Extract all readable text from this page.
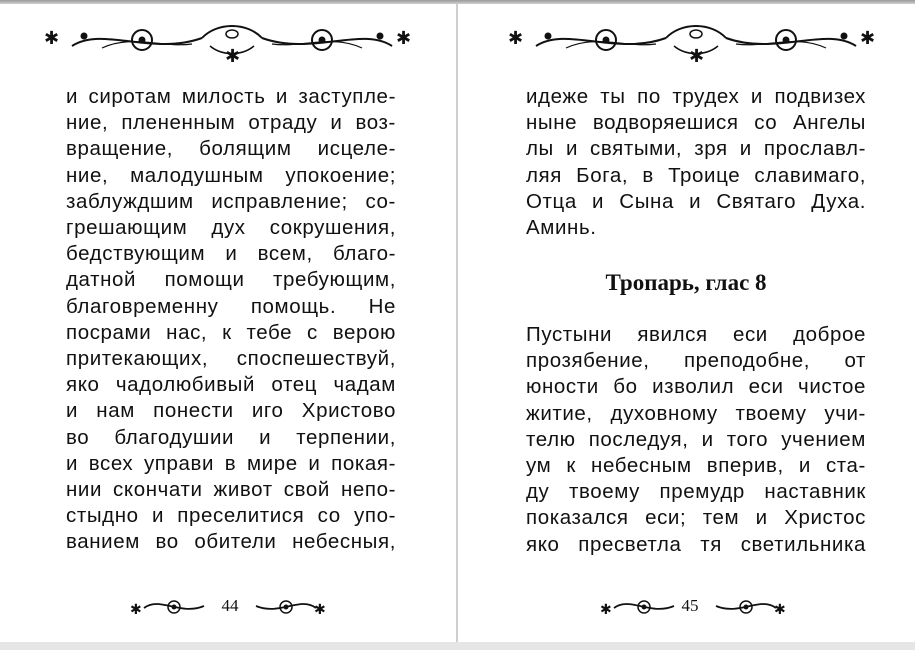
✱	✱
✱
и сиротам милость и заступле-
ние, плененным отраду и воз-
вращение, болящим исцеле-
ние, малодушным упокоение;
заблуждшим исправление; со-
грешающим дух сокрушения,
бедствующим и всем, благо-
датной помощи требующим,
благовременну помощь. Не
посрами нас, к тебе с верою
притекающих, споспешествуй,
яко чадолюбивый отец чадам
и нам понести иго Христово
во благодушии и терпении,
и всех управи в мире и покая-
нии скончати живот свой непо-
стыдно и преселитися со упо-
ванием во обители небесныя,
✱	✱
✱
идеже ты по трудех и подвизех
ныне водворяешися со Ангелы
лы и святыми, зря и прославл-
ляя Бога, в Троице славимаго,
Отца и Сына и Святаго Духа.
Аминь.
Тропарь, глас 8
Пустыни явился еси доброе
прозябение, преподобне, от
юности бо изволил еси чистое
житие, духовному твоему учи-
телю последуя, и того учением
ум к небесным вперив, и ста-
ду твоему премудр наставник
показался еси; тем и Христос
яко пресветла тя светильника
✱	44	✱	✱	45	✱
